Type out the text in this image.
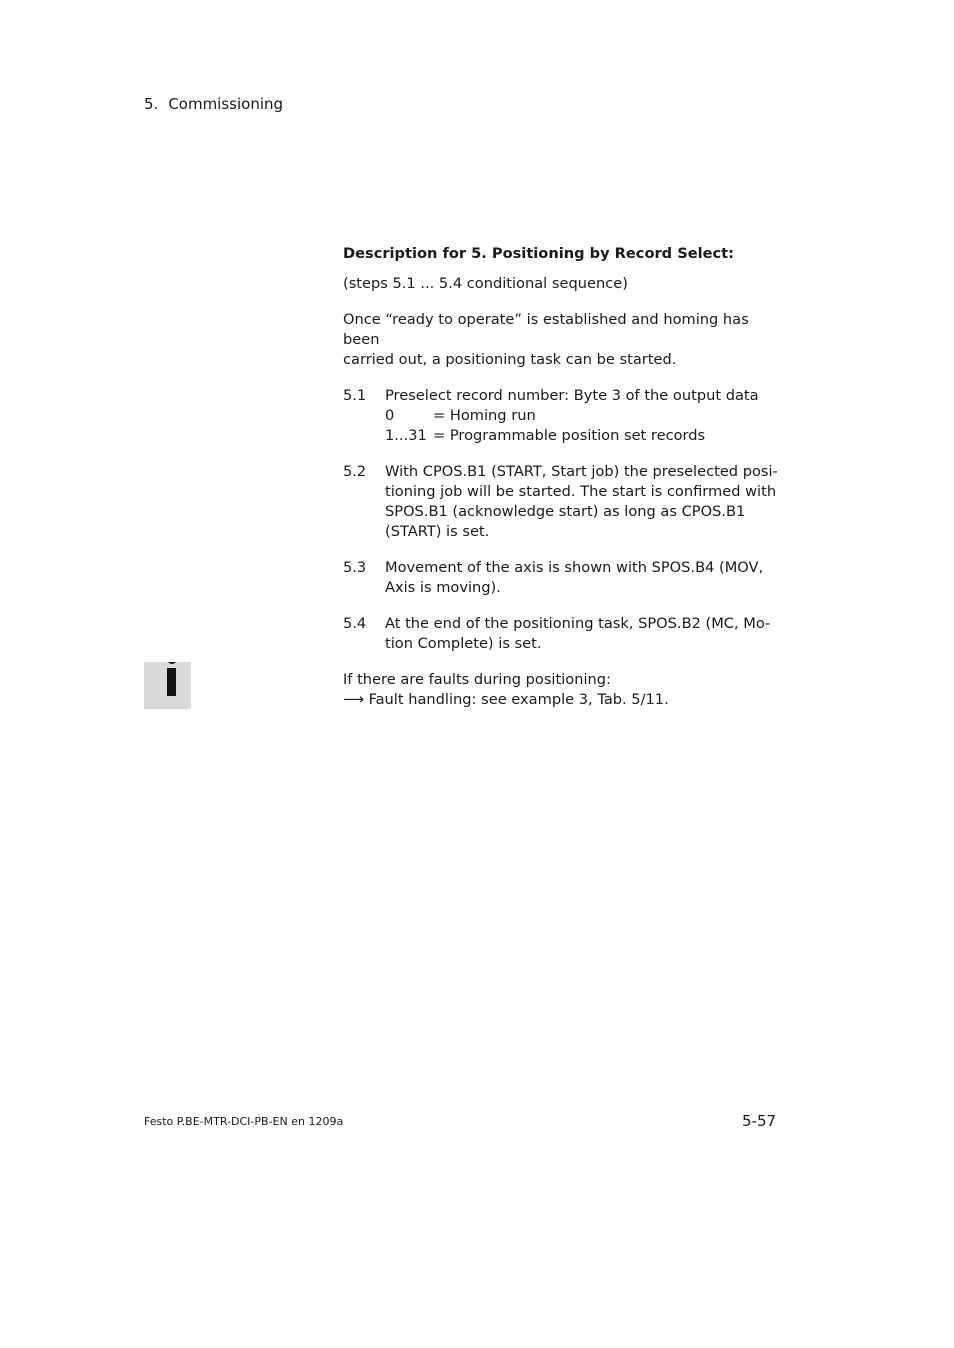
5. Commissioning

Description for 5. Positioning by Record Select:

(steps 5.1 ... 5.4 conditional sequence)

Once “ready to operate” is established and homing has been

carried out, a positioning task can be started.

5.1	Preselect record number: Byte 3 of the output data

0	= Homing run
1...31 = Programmable position set records
5.2	With CPOS.B1 (START, Start job) the preselected posi-

tioning job will be started. The start is confirmed with

SPOS.B1 (acknowledge start) as long as CPOS.B1

(START) is set.

5.3	Movement of the axis is shown with SPOS.B4 (MOV,

Axis is moving).

5.4	At the end of the positioning task, SPOS.B2 (MC, Mo-

tion Complete) is set.

If there are faults during positioning:

⟶ Fault handling: see example 3, Tab. 5/11.

Festo P.BE-MTR-DCI-PB-EN en 1209a	5-57
